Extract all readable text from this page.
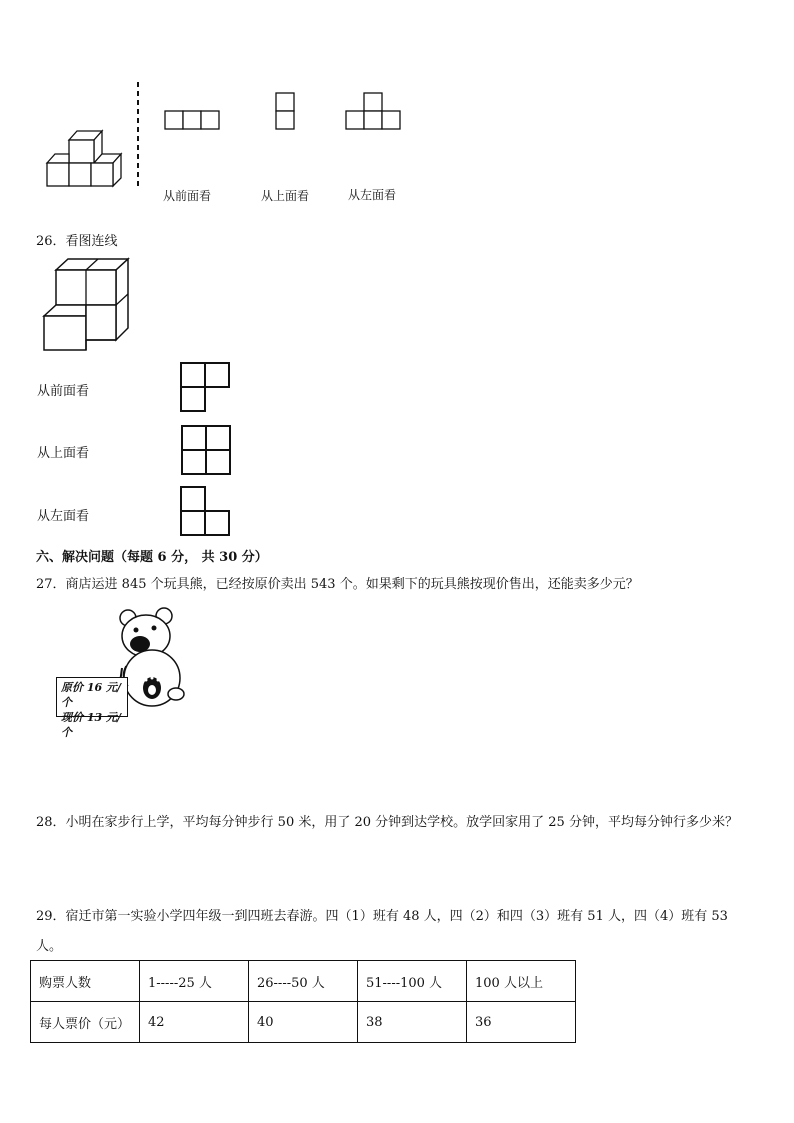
从前面看	从上面看	从左面看
26．看图连线
从前面看
从上面看
从左面看
六、解决问题（每题 6 分， 共 30 分）
27．商店运进 845 个玩具熊，已经按原价卖出 543 个。如果剩下的玩具熊按现价售出，还能卖多少元？
原价 16 元/个
现价 13 元/个
28．小明在家步行上学，平均每分钟步行 50 米，用了 20 分钟到达学校。放学回家用了 25 分钟，平均每分钟行多少米？
29．宿迁市第一实验小学四年级一到四班去春游。四（1）班有 48 人，四（2）和四（3）班有 51 人，四（4）班有 53
人。
购票人数	1-----25 人	26----50 人	51----100 人	100 人以上
每人票价（元）	42	40	38	36
